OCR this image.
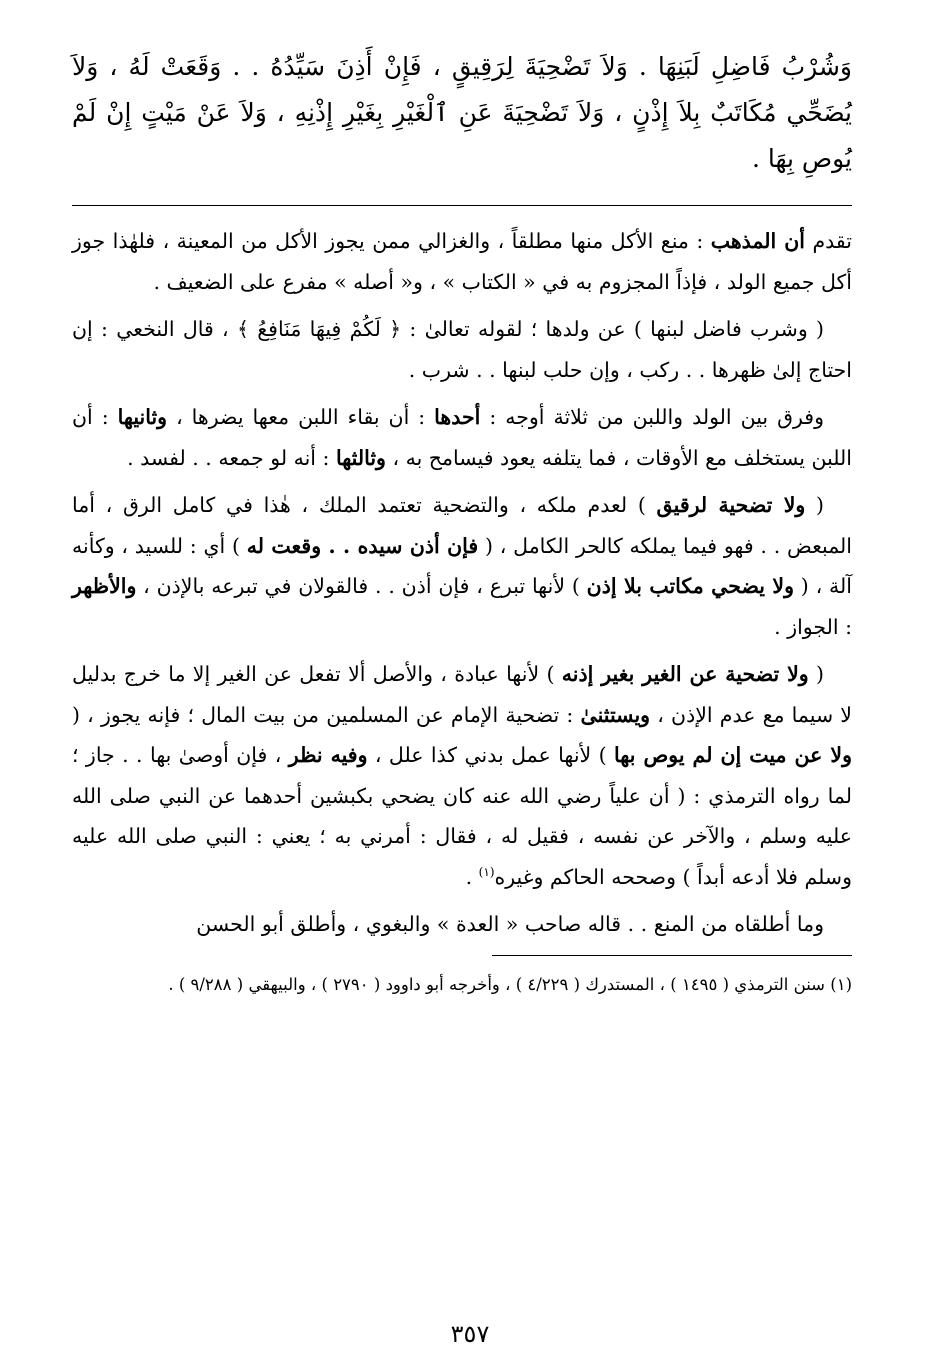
وَشُرْبُ فَاضِلِ لَبَنِهَا . وَلاَ تَضْحِيَةَ لِرَقِيقٍ ، فَإِنْ أَذِنَ سَيِّدُهُ . . وَقَعَتْ لَهُ ، وَلاَ يُضَحِّي مُكَاتَبٌ بِلاَ إِذْنٍ ، وَلاَ تَضْحِيَةَ عَنِ ٱلْغَيْرِ بِغَيْرِ إِذْنِهِ ، وَلاَ عَنْ مَيْتٍ إِنْ لَمْ يُوصِ بِهَا .

تقدم أن المذهب : منع الأكل منها مطلقاً ، والغزالي ممن يجوز الأكل من المعينة ، فلهٰذا جوز أكل جميع الولد ، فإذاً المجزوم به في « الكتاب » ، و« أصله » مفرع على الضعيف .

( وشرب فاضل لبنها ) عن ولدها ؛ لقوله تعالىٰ : ﴿ لَكُمْ فِيهَا مَنَافِعُ ﴾ ، قال النخعي : إن احتاج إلىٰ ظهرها . . ركب ، وإن حلب لبنها . . شرب .

وفرق بين الولد واللبن من ثلاثة أوجه : أحدها : أن بقاء اللبن معها يضرها ، وثانيها : أن اللبن يستخلف مع الأوقات ، فما يتلفه يعود فيسامح به ، وثالثها : أنه لو جمعه . . لفسد .

( ولا تضحية لرقيق ) لعدم ملكه ، والتضحية تعتمد الملك ، هٰذا في كامل الرق ، أما المبعض . . فهو فيما يملكه كالحر الكامل ، ( فإن أذن سيده . . وقعت له ) أي : للسيد ، وكأنه آلة ، ( ولا يضحي مكاتب بلا إذن ) لأنها تبرع ، فإن أذن . . فالقولان في تبرعه بالإذن ، والأظهر : الجواز .

( ولا تضحية عن الغير بغير إذنه ) لأنها عبادة ، والأصل ألا تفعل عن الغير إلا ما خرج بدليل لا سيما مع عدم الإذن ، ويستثنىٰ : تضحية الإمام عن المسلمين من بيت المال ؛ فإنه يجوز ، ( ولا عن ميت إن لم يوص بها ) لأنها عمل بدني كذا علل ، وفيه نظر ، فإن أوصىٰ بها . . جاز ؛ لما رواه الترمذي : ( أن علياً رضي الله عنه كان يضحي بكبشين أحدهما عن النبي صلى الله عليه وسلم ، والآخر عن نفسه ، فقيل له ، فقال : أمرني به ؛ يعني : النبي صلى الله عليه وسلم فلا أدعه أبداً ) وصححه الحاكم وغيره$^{(١)}$ .

وما أطلقاه من المنع . . قاله صاحب « العدة » والبغوي ، وأطلق أبو الحسن

(١) سنن الترمذي ( ١٤٩٥ ) ، المستدرك ( ٤/٢٢٩ ) ، وأخرجه أبو داوود ( ٢٧٩٠ ) ، والبيهقي ( ٩/٢٨٨ ) .
٣٥٧
